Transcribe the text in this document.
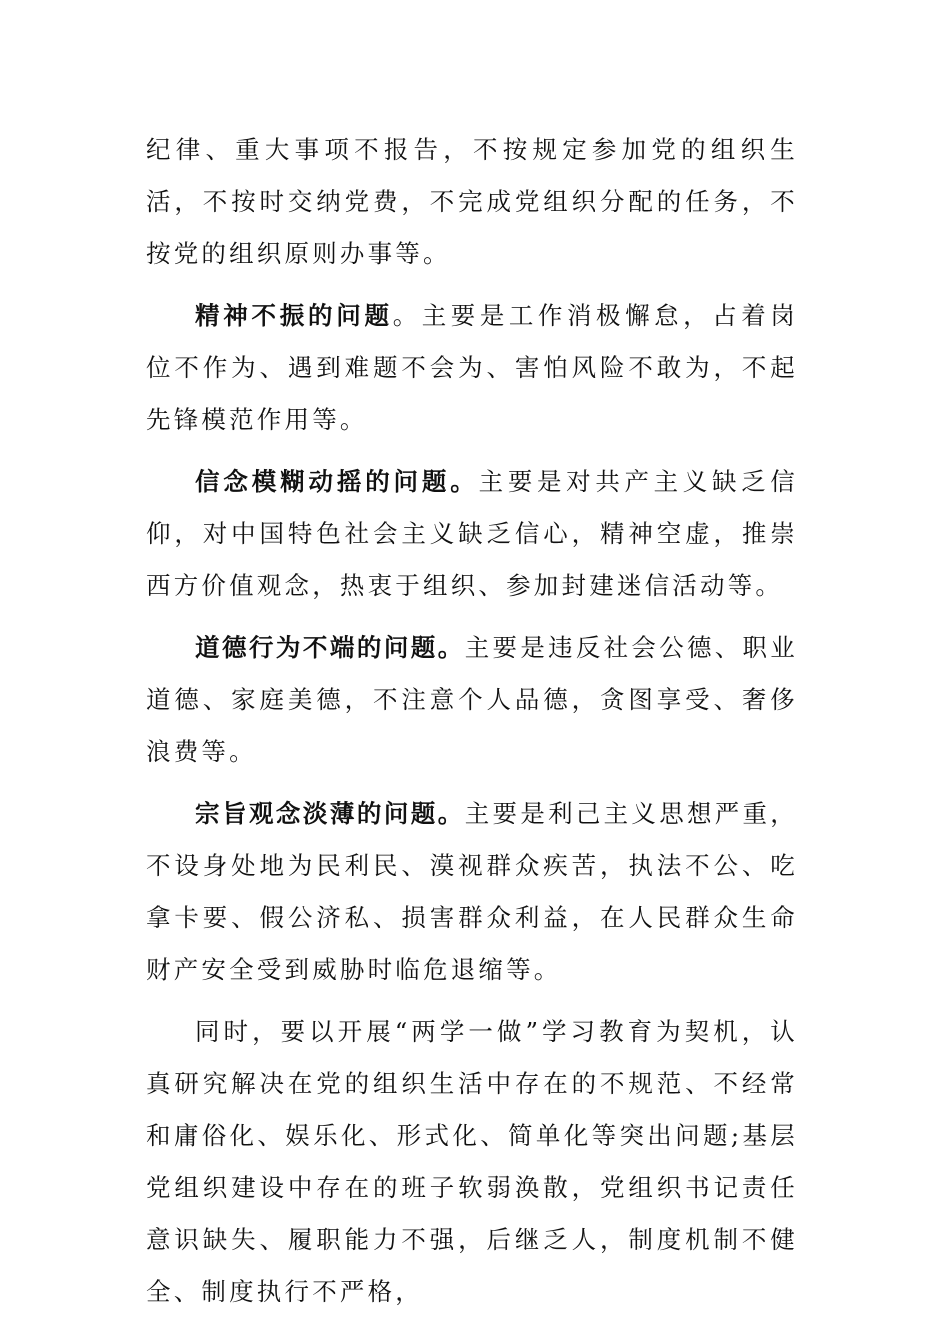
纪律、重大事项不报告，不按规定参加党的组织生活，不按时交纳党费，不完成党组织分配的任务，不按党的组织原则办事等。

精神不振的问题。主要是工作消极懈怠，占着岗位不作为、遇到难题不会为、害怕风险不敢为，不起先锋模范作用等。

信念模糊动摇的问题。主要是对共产主义缺乏信仰，对中国特色社会主义缺乏信心，精神空虚，推崇西方价值观念，热衷于组织、参加封建迷信活动等。

道德行为不端的问题。主要是违反社会公德、职业道德、家庭美德，不注意个人品德，贪图享受、奢侈浪费等。

宗旨观念淡薄的问题。主要是利己主义思想严重，不设身处地为民利民、漠视群众疾苦，执法不公、吃拿卡要、假公济私、损害群众利益，在人民群众生命财产安全受到威胁时临危退缩等。

同时，要以开展“两学一做”学习教育为契机，认真研究解决在党的组织生活中存在的不规范、不经常和庸俗化、娱乐化、形式化、简单化等突出问题;基层党组织建设中存在的班子软弱涣散，党组织书记责任意识缺失、履职能力不强，后继乏人，制度机制不健全、制度执行不严格，
